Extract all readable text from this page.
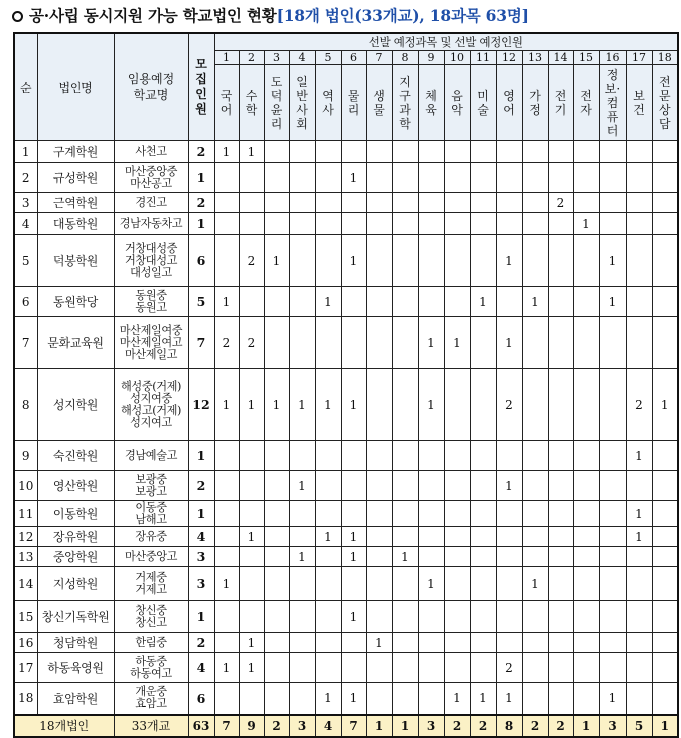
공·사립 동시지원 가능 학교법인 현황[18개 법인(33개교), 18과목 63명]
순	법인명	임용예정
학교명	모
집
인
원	선발 예정과목 및 선발 예정인원																	
				1	2	3	4	5	6	7	8	9	10	11	12	13	14	15	16	17	18
				국어	수학	도덕윤리	일반사회	역사	물리	생물	지구과학	체육	음악	미술	영어	가정	전기	전자	정보·컴퓨터	보건	전문상담
1	구계학원	사천고	2	1	1																
2	규성학원	마산중앙중
마산공고	1						1												
3	근역학원	경진고	2														2				
4	대동학원	경남자동차고	1															1			
5	덕봉학원	거창대성중
거창대성고
대성일고	6		2	1			1						1				1		
6	동원학당	동원중
동원고	5	1				1						1		1			1		
7	문화교육원	마산제일여중
마산제일여고
마산제일고	7	2	2							1	1		1						
8	성지학원	해성중(거제)
성지여중
해성고(거제)
성지여고	12	1	1	1	1	1	1			1			2					2	1
9	숙진학원	경남예술고	1																	1	
10	영산학원	보광중
보광고	2				1								1						
11	이동학원	이동중
남해고	1																	1	
12	장유학원	장유중	4		1			1	1											1	
13	중앙학원	마산중앙고	3				1		1		1										
14	지성학원	거제중
거제고	3	1								1				1					
15	창신기독학원	창신중
창신고	1						1												
16	청담학원	한림중	2		1					1											
17	하동육영원	하동중
하동여고	4	1	1										2						
18	효암학원	개운중
효암고	6					1	1				1	1	1				1		
18개법인		33개교	63	7	9	2	3	4	7	1	1	3	2	2	8	2	2	1	3	5	1
